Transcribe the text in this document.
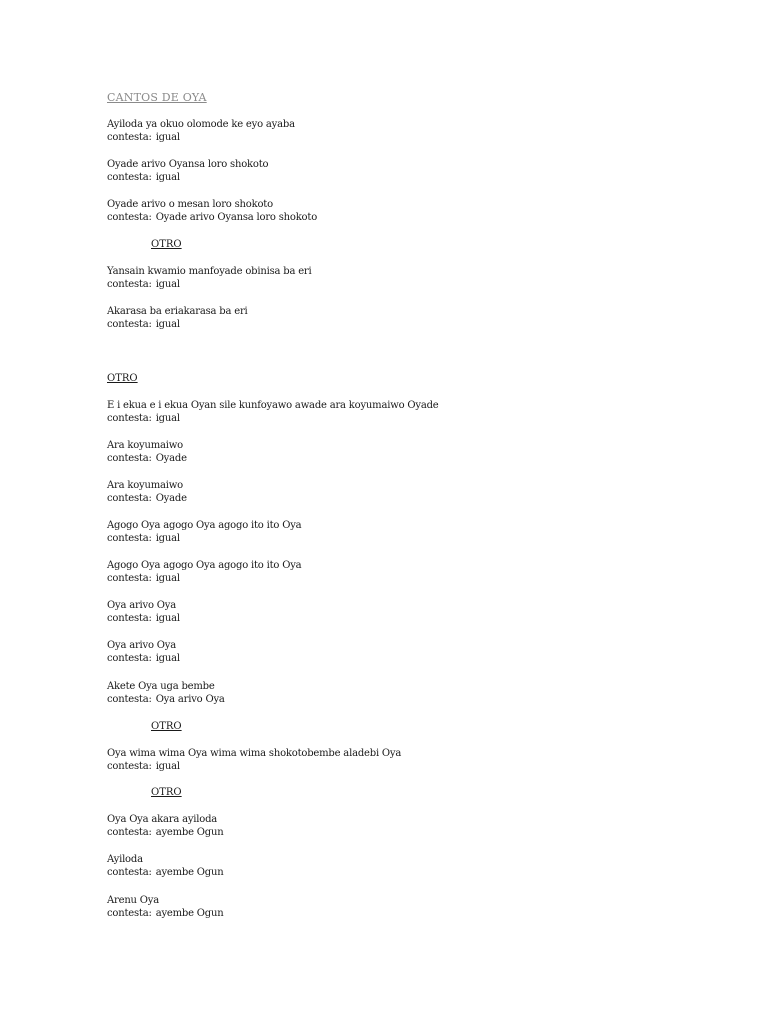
CANTOS DE OYA
Ayiloda ya okuo olomode ke eyo ayaba
contesta: igual
Oyade arivo Oyansa loro shokoto
contesta: igual
Oyade arivo o mesan loro shokoto
contesta: Oyade arivo Oyansa loro shokoto
OTRO
Yansain kwamio manfoyade obinisa ba eri
contesta: igual
Akarasa ba eriakarasa ba eri
contesta: igual
OTRO
E i ekua e i ekua Oyan sile kunfoyawo awade ara koyumaiwo Oyade
contesta: igual
Ara koyumaiwo
contesta: Oyade
Ara koyumaiwo
contesta: Oyade
Agogo Oya agogo Oya agogo ito ito Oya
contesta: igual
Agogo Oya agogo Oya agogo ito ito Oya
contesta: igual
Oya arivo Oya
contesta: igual
Oya arivo Oya
contesta: igual
Akete Oya uga bembe
contesta: Oya arivo Oya
OTRO
Oya wima wima Oya wima wima shokotobembe aladebi Oya
contesta: igual
OTRO
Oya Oya akara ayiloda
contesta: ayembe Ogun
Ayiloda
contesta: ayembe Ogun
Arenu Oya
contesta: ayembe Ogun
